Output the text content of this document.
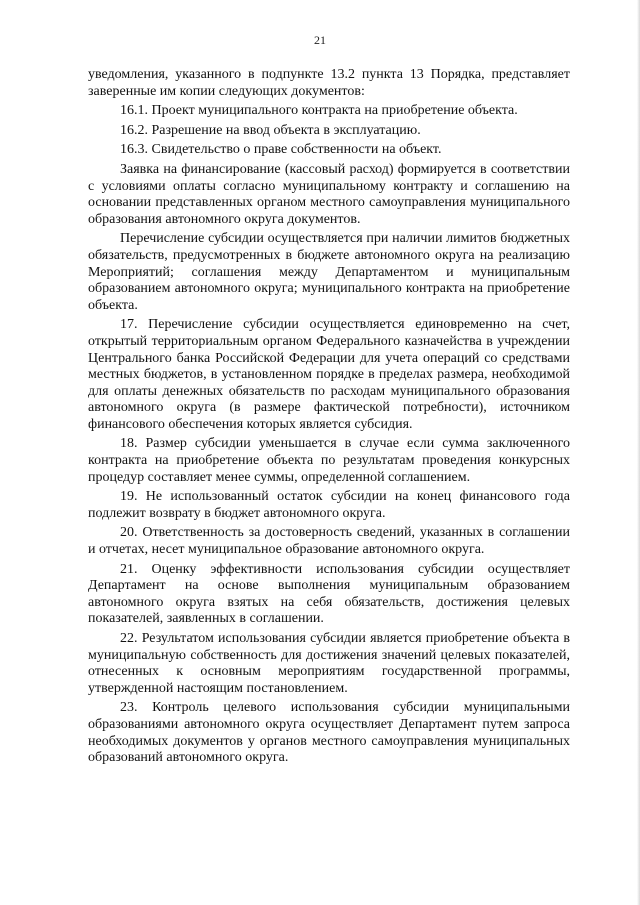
21

уведомления, указанного в подпункте 13.2 пункта 13 Порядка, представляет заверенные им копии следующих документов:

16.1. Проект муниципального контракта на приобретение объекта.

16.2. Разрешение на ввод объекта в эксплуатацию.

16.3. Свидетельство о праве собственности на объект.

Заявка на финансирование (кассовый расход) формируется в соответствии с условиями оплаты согласно муниципальному контракту и соглашению на основании представленных органом местного самоуправления муниципального образования автономного округа документов.

Перечисление субсидии осуществляется при наличии лимитов бюджетных обязательств, предусмотренных в бюджете автономного округа на реализацию Мероприятий; соглашения между Департаментом и муниципальным образованием автономного округа; муниципального контракта на приобретение объекта.

17. Перечисление субсидии осуществляется единовременно на счет, открытый территориальным органом Федерального казначейства в учреждении Центрального банка Российской Федерации для учета операций со средствами местных бюджетов, в установленном порядке в пределах размера, необходимой для оплаты денежных обязательств по расходам муниципального образования автономного округа (в размере фактической потребности), источником финансового обеспечения которых является субсидия.

18. Размер субсидии уменьшается в случае если сумма заключенного контракта на приобретение объекта по результатам проведения конкурсных процедур составляет менее суммы, определенной соглашением.

19. Не использованный остаток субсидии на конец финансового года подлежит возврату в бюджет автономного округа.

20. Ответственность за достоверность сведений, указанных в соглашении и отчетах, несет муниципальное образование автономного округа.

21. Оценку эффективности использования субсидии осуществляет Департамент на основе выполнения муниципальным образованием автономного округа взятых на себя обязательств, достижения целевых показателей, заявленных в соглашении.

22. Результатом использования субсидии является приобретение объекта в муниципальную собственность для достижения значений целевых показателей, отнесенных к основным мероприятиям государственной программы, утвержденной настоящим постановлением.

23. Контроль целевого использования субсидии муниципальными образованиями автономного округа осуществляет Департамент путем запроса необходимых документов у органов местного самоуправления муниципальных образований автономного округа.
